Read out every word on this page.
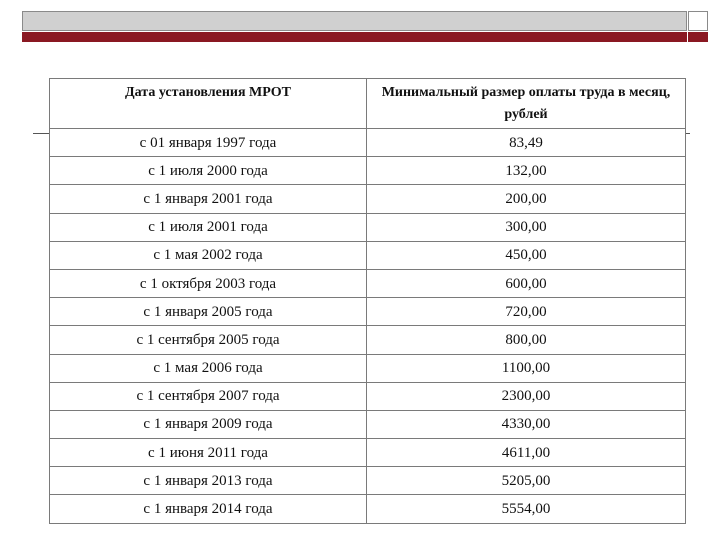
Дата установления МРОТ	Минимальный размер оплаты труда в месяц, рублей
с 01 января 1997 года	83,49
с 1 июля 2000 года	132,00
с 1 января 2001 года	200,00
с 1 июля 2001 года	300,00
с 1 мая 2002 года	450,00
с 1 октября 2003 года	600,00
с 1 января 2005 года	720,00
с 1 сентября 2005 года	800,00
с 1 мая 2006 года	1100,00
с 1 сентября 2007 года	2300,00
с 1 января 2009 года	4330,00
с 1 июня 2011 года	4611,00
с 1 января 2013 года	5205,00
с 1 января 2014 года	5554,00
